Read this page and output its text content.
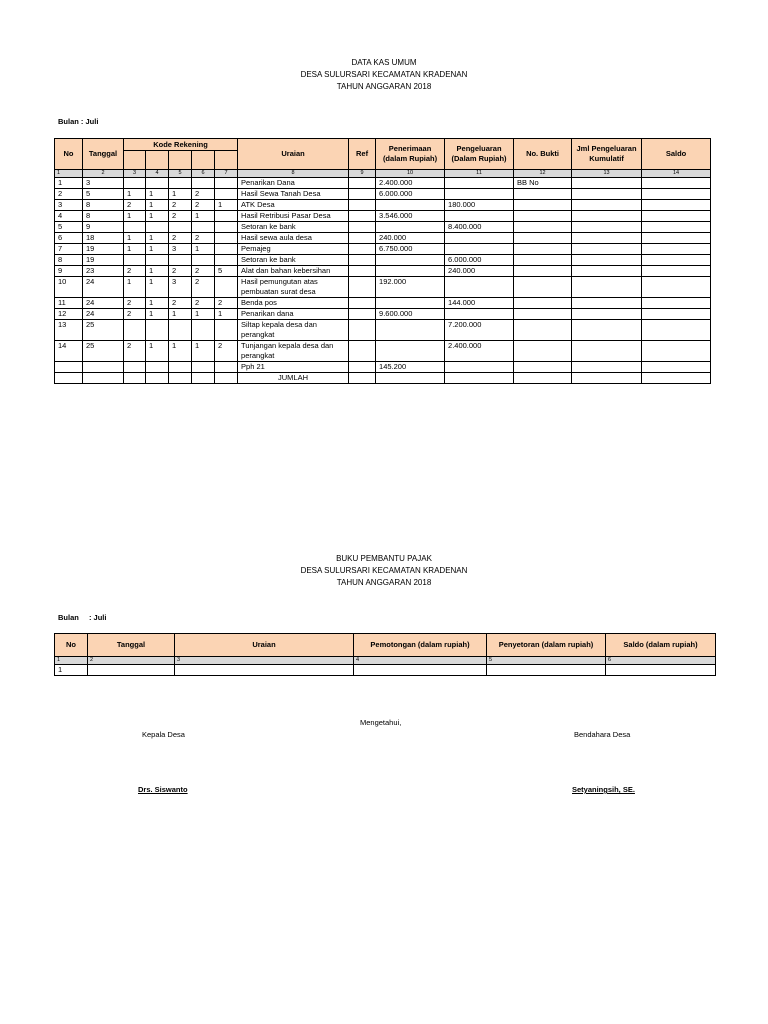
DATA KAS UMUM
DESA SULURSARI KECAMATAN KRADENAN
TAHUN ANGGARAN 2018
Bulan : Juli
No	Tanggal	Kode Rekening					Uraian	Ref	Penerimaan (dalam Rupiah)	Pengeluaran (Dalam Rupiah)	No. Bukti	Jml Pengeluaran Kumulatif	Saldo

1	2	3	4	5	6	7	8	9	10	11	12	13	14
1	3						Penarikan Dana		2.400.000		BB No		
2	5	1	1	1	2		Hasil Sewa Tanah Desa		6.000.000				
3	8	2	1	2	2	1	ATK Desa			180.000			
4	8	1	1	2	1		Hasil Retribusi Pasar Desa		3.546.000				
5	9						Setoran ke bank			8.400.000			
6	18	1	1	2	2		Hasil sewa aula desa		240.000				
7	19	1	1	3	1		Pemajeg		6.750.000				
8	19						Setoran ke bank			6.000.000			
9	23	2	1	2	2	5	Alat dan bahan kebersihan			240.000			
10	24	1	1	3	2		Hasil pemungutan atas pembuatan surat desa		192.000				
11	24	2	1	2	2	2	Benda pos			144.000			
12	24	2	1	1	1	1	Penarikan dana		9.600.000				
13	25						Siltap kepala desa dan perangkat			7.200.000			
14	25	2	1	1	1	2	Tunjangan kepala desa dan perangkat			2.400.000			
							Pph 21		145.200				
							JUMLAH						
BUKU PEMBANTU PAJAK
DESA SULURSARI KECAMATAN KRADENAN
TAHUN ANGGARAN 2018
Bulan : Juli
No	Tanggal	Uraian	Pemotongan (dalam rupiah)	Penyetoran (dalam rupiah)	Saldo (dalam rupiah)
1	2	3	4	5	6
1					
Mengetahui,
Kepala Desa	Bendahara Desa
Drs. Siswanto	Setyaningsih, SE.
